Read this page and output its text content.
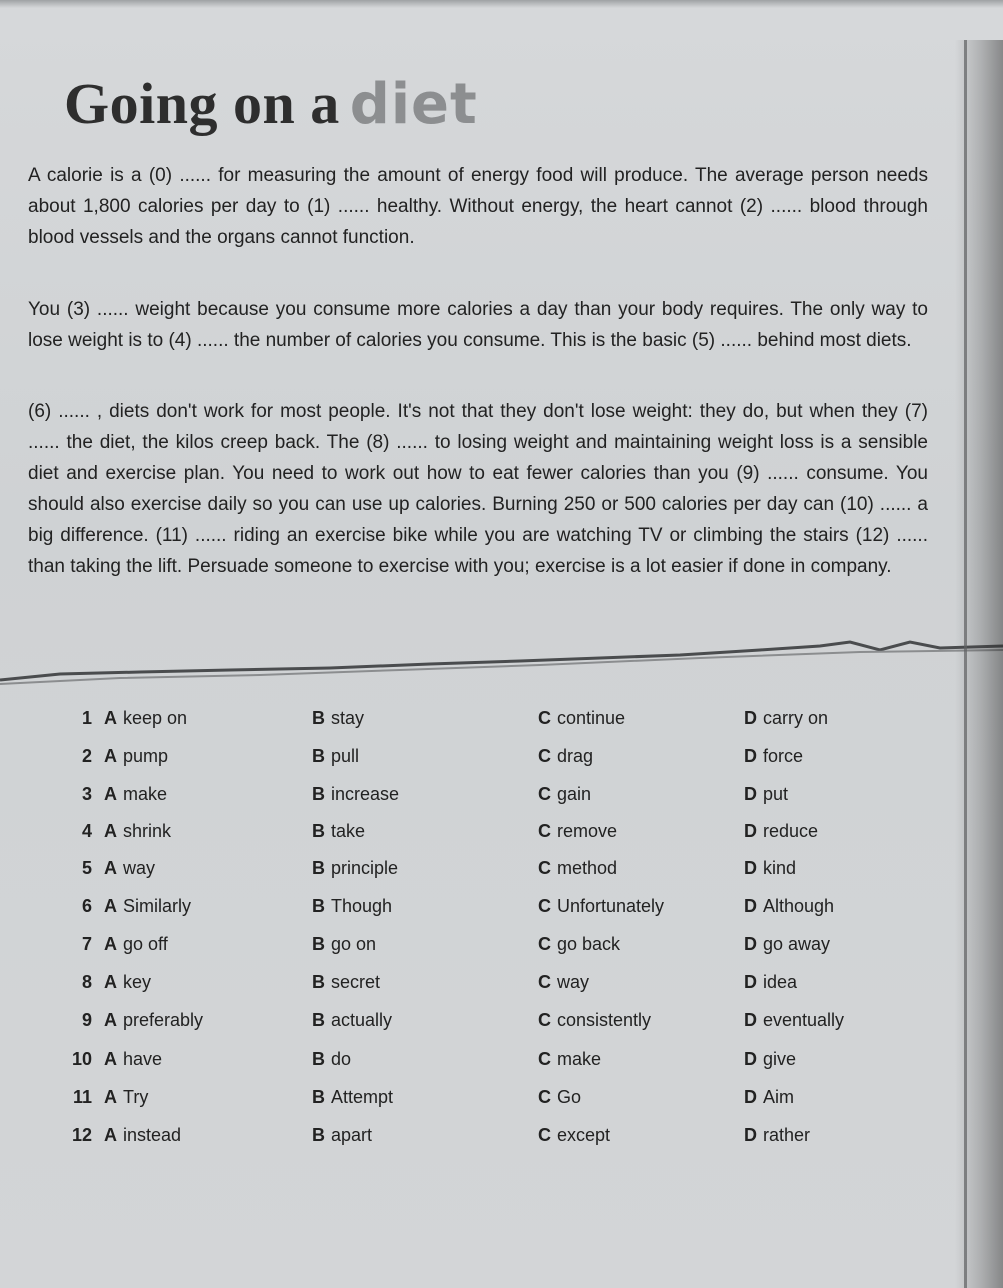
Going on a diet

A calorie is a (0) ...... for measuring the amount of energy food will produce. The average person needs about 1,800 calories per day to (1) ...... healthy. Without energy, the heart cannot (2) ...... blood through blood vessels and the organs cannot function.

You (3) ...... weight because you consume more calories a day than your body requires. The only way to lose weight is to (4) ...... the number of calories you consume. This is the basic (5) ...... behind most diets.

(6) ...... , diets don't work for most people. It's not that they don't lose weight: they do, but when they (7) ...... the diet, the kilos creep back. The (8) ...... to losing weight and maintaining weight loss is a sensible diet and exercise plan. You need to work out how to eat fewer calories than you (9) ...... consume. You should also exercise daily so you can use up calories. Burning 250 or 500 calories per day can (10) ...... a big difference. (11) ...... riding an exercise bike while you are watching TV or climbing the stairs (12) ...... than taking the lift. Persuade someone to exercise with you; exercise is a lot easier if done in company.

1 A keep on	B stay	C continue	D carry on
2 A pump	B pull	C drag	D force
3 A make	B increase	C gain	D put
4 A shrink	B take	C remove	D reduce
5 A way	B principle	C method	D kind
6 A Similarly	B Though	C Unfortunately	D Although
7 A go off	B go on	C go back	D go away
8 A key	B secret	C way	D idea
9 A preferably	B actually	C consistently	D eventually
10 A have	B do	C make	D give
11 A Try	B Attempt	C Go	D Aim
12 A instead	B apart	C except	D rather
